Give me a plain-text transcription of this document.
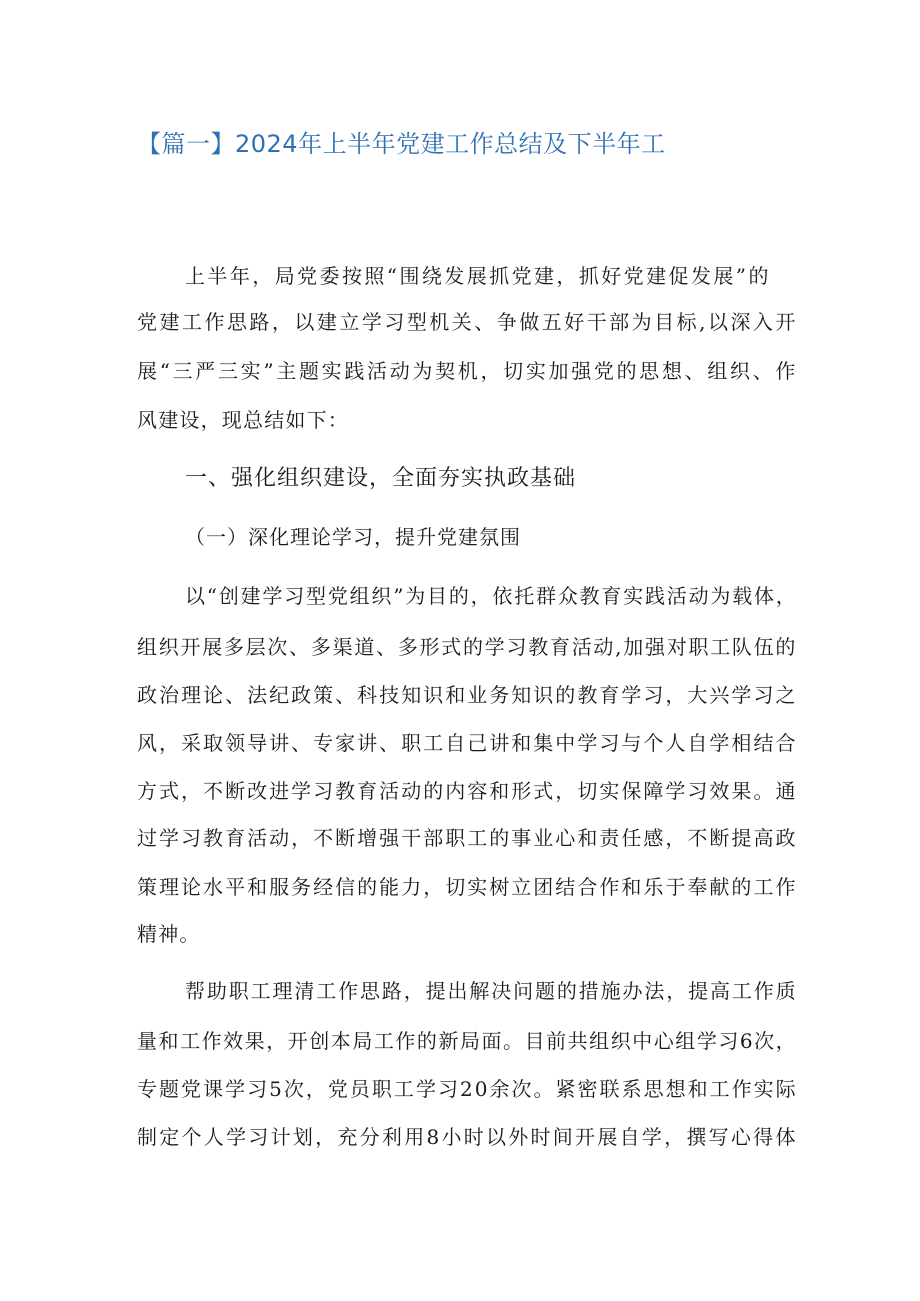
【篇一】2024年上半年党建工作总结及下半年工
上 半 年 ， 局 党 委 按 照 “ 围 绕 发 展 抓 党 建 ， 抓 好 党 建 促 发 展 ” 的
党 建 工 作 思 路 ， 以 建 立 学 习 型 机 关 、 争 做 五 好 干 部 为 目 标 , 以 深 入 开
展 “ 三 严 三 实 ” 主 题 实 践 活 动 为 契 机 ， 切 实 加 强 党 的 思 想 、 组 织 、 作
风建设，现总结如下：
一、强化组织建设，全面夯实执政基础
（一）深化理论学习，提升党建氛围
以 “ 创 建 学 习 型 党 组 织 ” 为 目 的 ， 依 托 群 众 教 育 实 践 活 动 为 载 体 ，
组 织 开 展 多 层 次 、 多 渠 道 、 多 形 式 的 学 习 教 育 活 动 , 加 强 对 职 工 队 伍 的
政 治 理 论 、 法 纪 政 策 、 科 技 知 识 和 业 务 知 识 的 教 育 学 习 ， 大 兴 学 习 之
风 ， 采 取 领 导 讲 、 专 家 讲 、 职 工 自 己 讲 和 集 中 学 习 与 个 人 自 学 相 结 合
方 式 ， 不 断 改 进 学 习 教 育 活 动 的 内 容 和 形 式 ， 切 实 保 障 学 习 效 果 。 通
过 学 习 教 育 活 动 ， 不 断 增 强 干 部 职 工 的 事 业 心 和 责 任 感 ， 不 断 提 高 政
策 理 论 水 平 和 服 务 经 信 的 能 力 ， 切 实 树 立 团 结 合 作 和 乐 于 奉 献 的 工 作
精神。
帮 助 职 工 理 清 工 作 思 路 ， 提 出 解 决 问 题 的 措 施 办 法 ， 提 高 工 作 质
量 和 工 作 效 果 ， 开 创 本 局 工 作 的 新 局 面 。 目 前 共 组 织 中 心 组 学 习 6 次 ，
专 题 党 课 学 习 5 次 ， 党 员 职 工 学 习 2 0 余 次 。 紧 密 联 系 思 想 和 工 作 实 际
制 定 个 人 学 习 计 划 ， 充 分 利 用 8 小 时 以 外 时 间 开 展 自 学 ， 撰 写 心 得 体
